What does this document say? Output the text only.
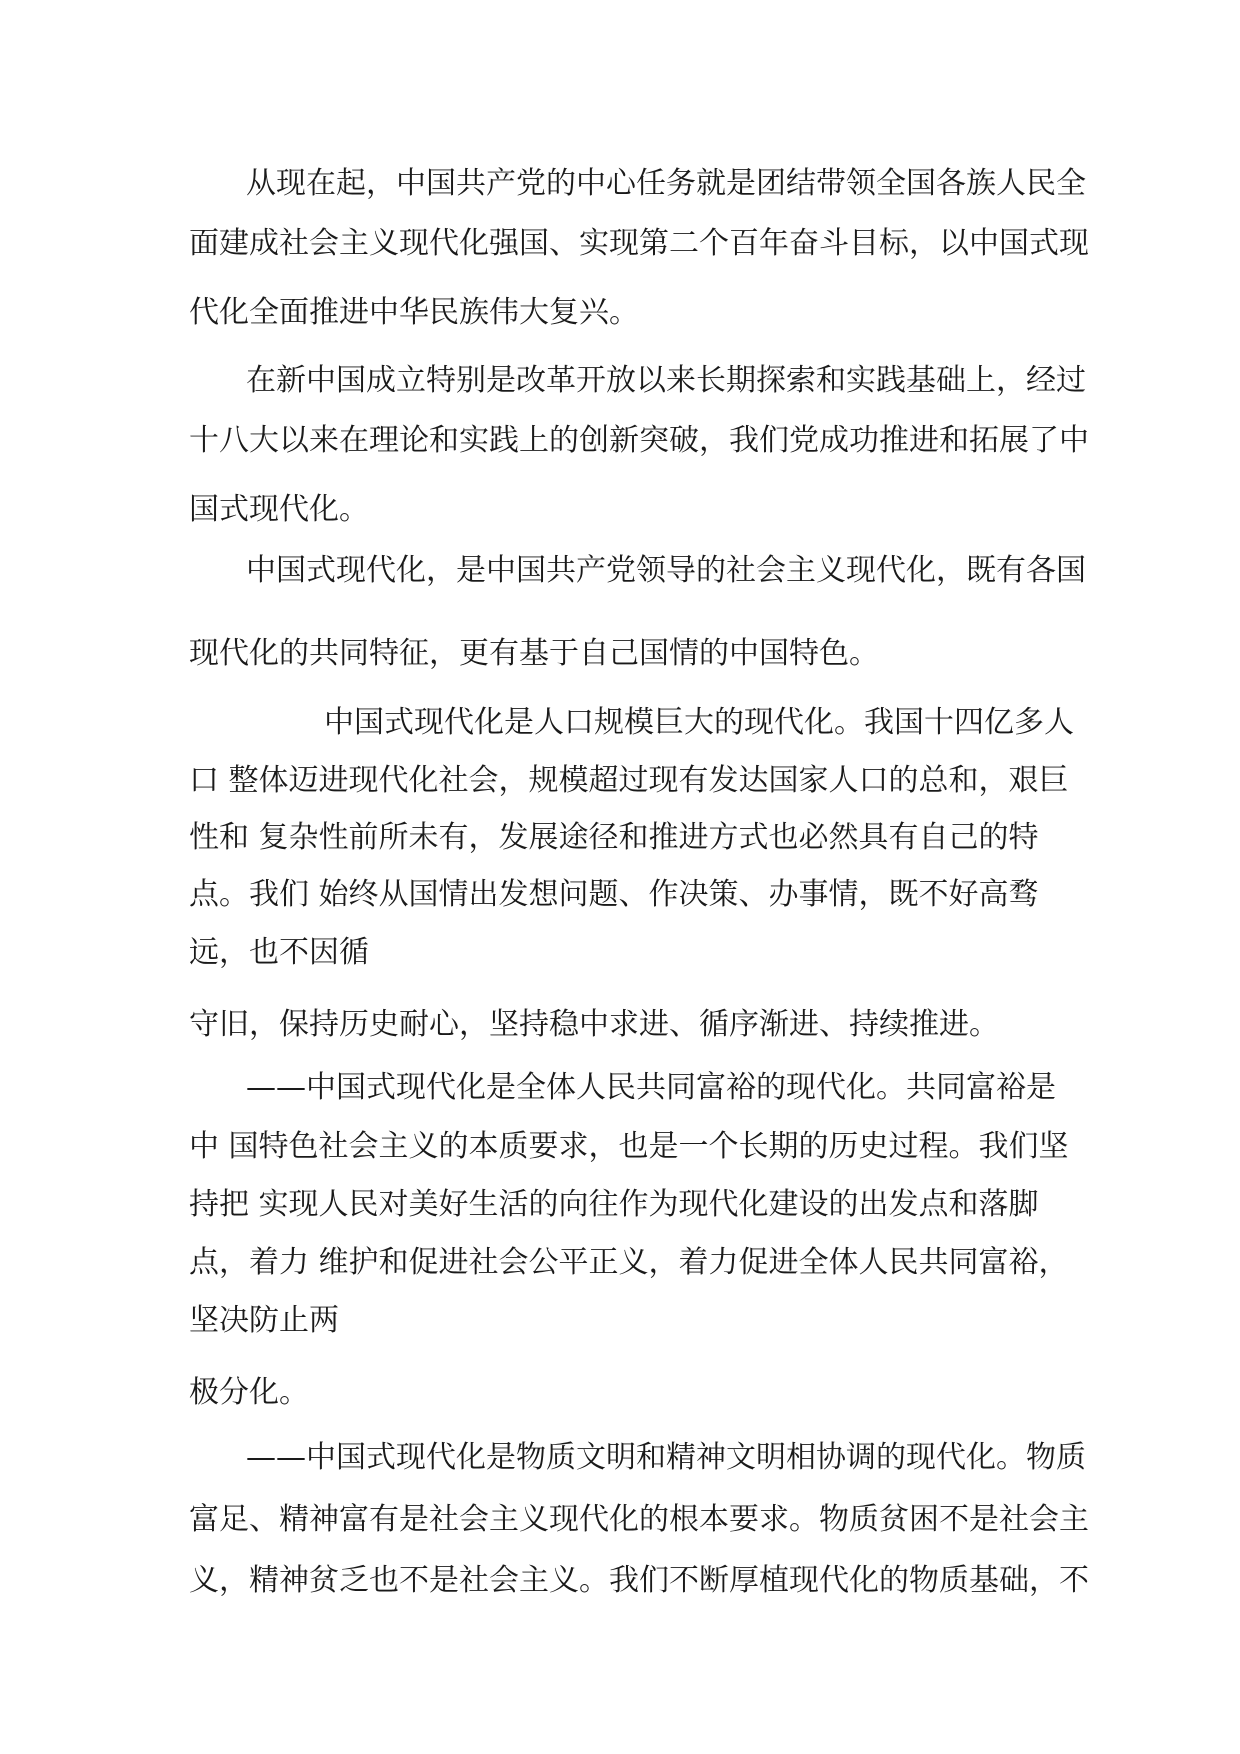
从现在起，中国共产党的中心任务就是团结带领全国各族人民全

面建成社会主义现代化强国、实现第二个百年奋斗目标，以中国式现

代化全面推进中华民族伟大复兴。

在新中国成立特别是改革开放以来长期探索和实践基础上，经过

十八大以来在理论和实践上的创新突破，我们党成功推进和拓展了中

国式现代化。

中国式现代化，是中国共产党领导的社会主义现代化，既有各国

现代化的共同特征，更有基于自己国情的中国特色。

中国式现代化是人口规模巨大的现代化。我国十四亿多人

口 整体迈进现代化社会，规模超过现有发达国家人口的总和，艰巨

性和 复杂性前所未有，发展途径和推进方式也必然具有自己的特

点。我们 始终从国情出发想问题、作决策、办事情，既不好高骛

远，也不因循

守旧，保持历史耐心，坚持稳中求进、循序渐进、持续推进。

——中国式现代化是全体人民共同富裕的现代化。共同富裕是

中 国特色社会主义的本质要求，也是一个长期的历史过程。我们坚

持把 实现人民对美好生活的向往作为现代化建设的出发点和落脚

点，着力 维护和促进社会公平正义，着力促进全体人民共同富裕，

坚决防止两

极分化。

——中国式现代化是物质文明和精神文明相协调的现代化。物质

富足、精神富有是社会主义现代化的根本要求。物质贫困不是社会主

义，精神贫乏也不是社会主义。我们不断厚植现代化的物质基础，不
